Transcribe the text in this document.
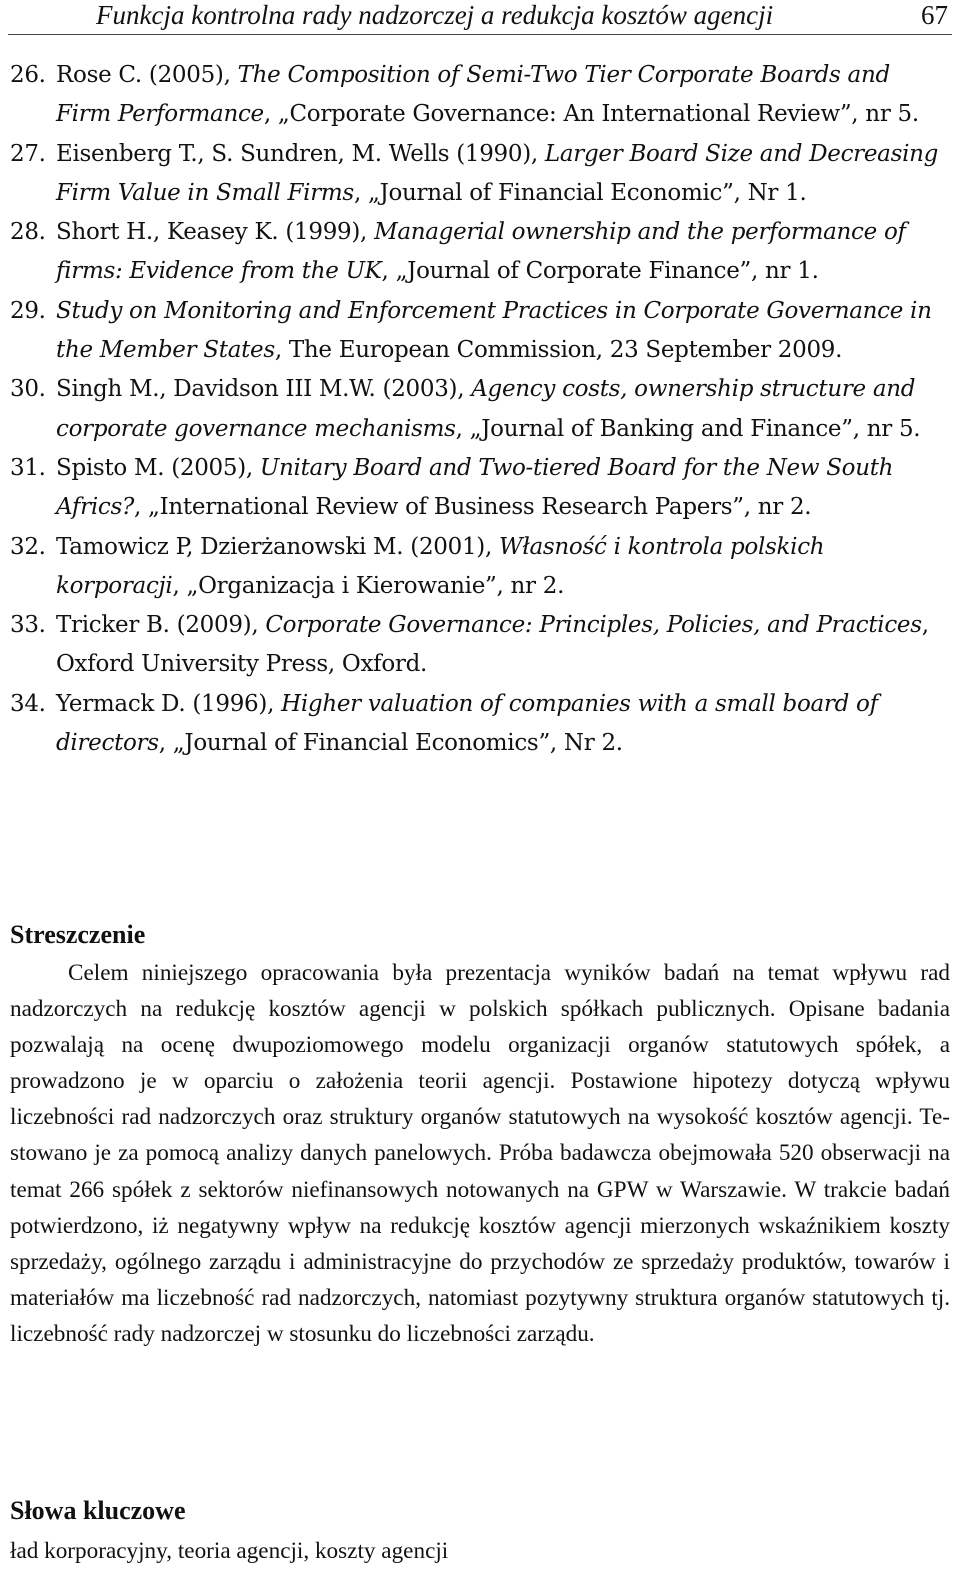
Funkcja kontrolna rady nadzorczej a redukcja kosztów agencji	67
26. Rose C. (2005), The Composition of Semi-Two Tier Corporate Boards and Firm Performance, „Corporate Governance: An International Review”, nr 5.
27. Eisenberg T., S. Sundren, M. Wells (1990), Larger Board Size and Decreasing Firm Value in Small Firms, „Journal of Financial Economic”, Nr 1.
28. Short H., Keasey K. (1999), Managerial ownership and the performance of firms: Evidence from the UK, „Journal of Corporate Finance”, nr 1.
29. Study on Monitoring and Enforcement Practices in Corporate Governance in the Member States, The European Commission, 23 September 2009.
30. Singh M., Davidson III M.W. (2003), Agency costs, ownership structure and corporate governance mechanisms, „Journal of Banking and Finance”, nr 5.
31. Spisto M. (2005), Unitary Board and Two-tiered Board for the New South Africs?, „International Review of Business Research Papers”, nr 2.
32. Tamowicz P, Dzierżanowski M. (2001), Własność i kontrola polskich korporacji, „Organizacja i Kierowanie”, nr 2.
33. Tricker B. (2009), Corporate Governance: Principles, Policies, and Practices, Oxford University Press, Oxford.
34. Yermack D. (1996), Higher valuation of companies with a small board of directors, „Journal of Financial Economics”, Nr 2.
Streszczenie

Celem niniejszego opracowania była prezentacja wyników badań na temat wpływu rad nadzorczych na redukcję kosztów agencji w polskich spółkach publicznych. Opisane badania pozwalają na ocenę dwupoziomowego modelu organizacji organów statutowych spółek, a prowadzono je w oparciu o założenia teorii agencji. Postawione hipotezy dotyczą wpływu liczebności rad nadzorczych oraz struktury organów statutowych na wysokość kosztów agencji. Testowano je za pomocą analizy danych panelowych. Próba badawcza obejmowała 520 obserwacji na temat 266 spółek z sektorów niefinansowych notowanych na GPW w Warszawie. W trakcie badań potwierdzono, iż negatywny wpływ na redukcję kosztów agencji mierzonych wskaźnikiem koszty sprzedaży, ogólnego zarządu i administracyjne do przychodów ze sprzedaży produktów, towarów i materiałów ma liczebność rad nadzorczych, natomiast pozytywny struktura organów statutowych tj. liczebność rady nadzorczej w stosunku do liczebności zarządu.

Słowa kluczowe

ład korporacyjny, teoria agencji, koszty agencji
